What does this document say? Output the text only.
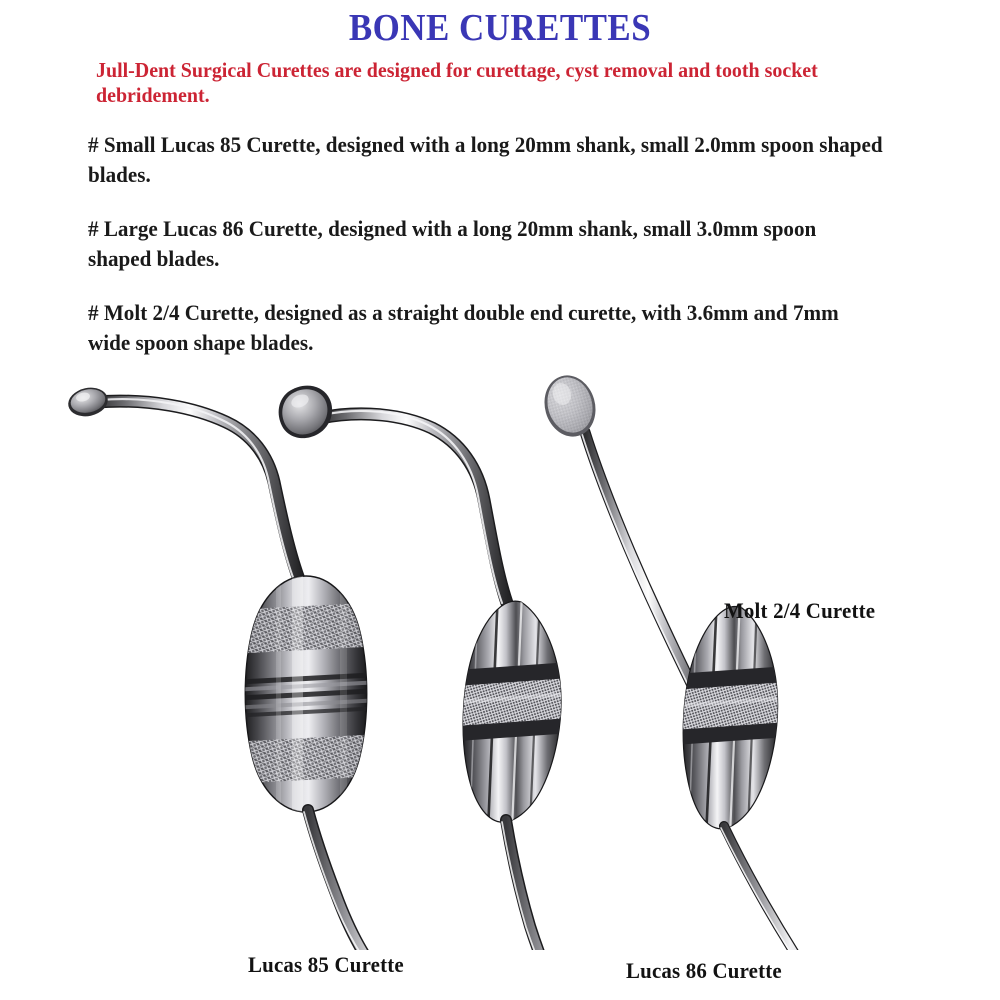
BONE CURETTES
Jull-Dent Surgical Curettes are designed for curettage, cyst removal and tooth socket debridement.
# Small Lucas 85 Curette, designed with a long 20mm shank, small 2.0mm spoon shaped blades.
# Large Lucas 86 Curette, designed with a long 20mm shank, small 3.0mm spoon shaped blades.
# Molt 2/4 Curette, designed as a straight double end curette, with 3.6mm and 7mm wide spoon shape blades.
Lucas 85 Curette	Lucas 86 Curette
Molt 2/4 Curette
